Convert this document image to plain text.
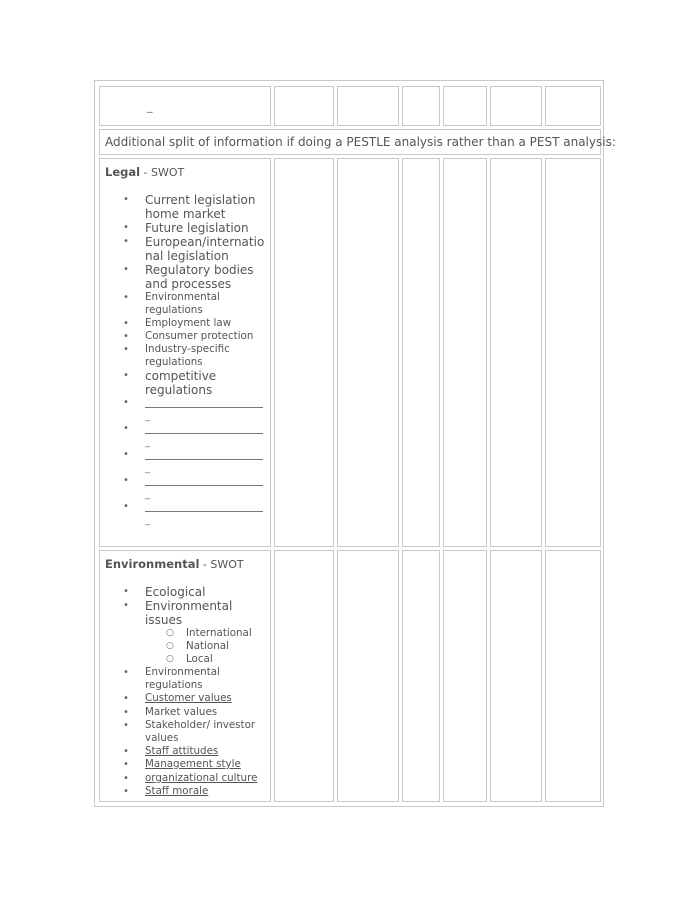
_
Additional split of information if doing a PESTLE analysis rather than a PEST analysis:
Legal - SWOT
• Current legislation home market
• Future legislation
• European/internatio nal legislation
• Regulatory bodies and processes
• Environmental regulations
• Employment law
• Consumer protection
• Industry-specific regulations
• competitive regulations
•
_
•
_
•
_
•
_
•
_
Environmental - SWOT
• Ecological
• Environmental issues
○ International
○ National
○ Local
• Environmental regulations
• Customer values
• Market values
• Stakeholder/ investor values
• Staff attitudes
• Management style
• organizational culture
• Staff morale
